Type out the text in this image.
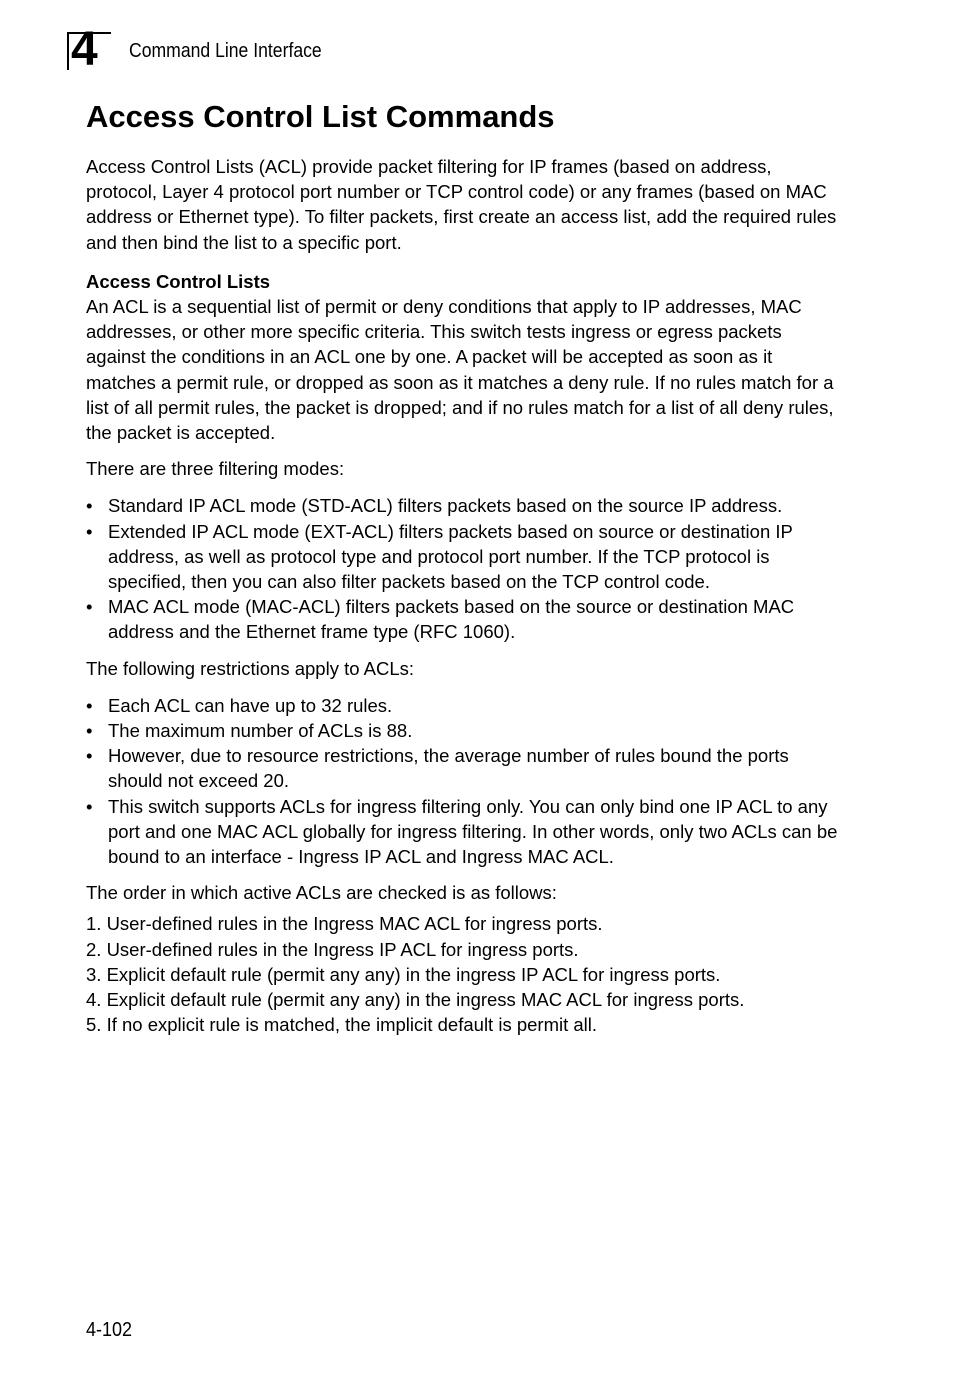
4 Command Line Interface
Access Control List Commands

Access Control Lists (ACL) provide packet filtering for IP frames (based on address, protocol, Layer 4 protocol port number or TCP control code) or any frames (based on MAC address or Ethernet type). To filter packets, first create an access list, add the required rules and then bind the list to a specific port.

Access Control Lists

An ACL is a sequential list of permit or deny conditions that apply to IP addresses, MAC addresses, or other more specific criteria. This switch tests ingress or egress packets against the conditions in an ACL one by one. A packet will be accepted as soon as it matches a permit rule, or dropped as soon as it matches a deny rule. If no rules match for a list of all permit rules, the packet is dropped; and if no rules match for a list of all deny rules, the packet is accepted.

There are three filtering modes:

• Standard IP ACL mode (STD-ACL) filters packets based on the source IP address.
• Extended IP ACL mode (EXT-ACL) filters packets based on source or destination IP address, as well as protocol type and protocol port number. If the TCP protocol is specified, then you can also filter packets based on the TCP control code.
• MAC ACL mode (MAC-ACL) filters packets based on the source or destination MAC address and the Ethernet frame type (RFC 1060).

The following restrictions apply to ACLs:

• Each ACL can have up to 32 rules.
• The maximum number of ACLs is 88.
• However, due to resource restrictions, the average number of rules bound the ports should not exceed 20.
• This switch supports ACLs for ingress filtering only. You can only bind one IP ACL to any port and one MAC ACL globally for ingress filtering. In other words, only two ACLs can be bound to an interface - Ingress IP ACL and Ingress MAC ACL.

The order in which active ACLs are checked is as follows:

1. User-defined rules in the Ingress MAC ACL for ingress ports.
2. User-defined rules in the Ingress IP ACL for ingress ports.
3. Explicit default rule (permit any any) in the ingress IP ACL for ingress ports.
4. Explicit default rule (permit any any) in the ingress MAC ACL for ingress ports.
5. If no explicit rule is matched, the implicit default is permit all.
4-102
